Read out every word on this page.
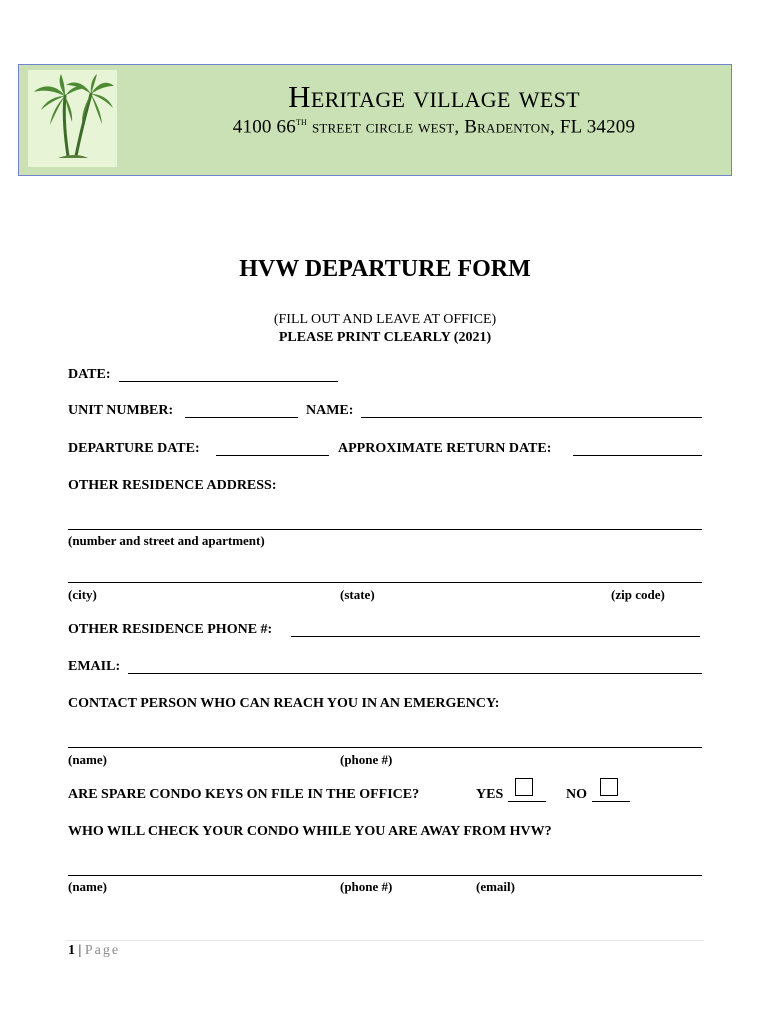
Heritage village west
4100 66th street circle west, Bradenton, FL 34209
HVW DEPARTURE FORM
(FILL OUT AND LEAVE AT OFFICE)
PLEASE PRINT CLEARLY (2021)
DATE:
UNIT NUMBER:	NAME:
DEPARTURE DATE:	APPROXIMATE RETURN DATE:
OTHER RESIDENCE ADDRESS:
(number and street and apartment)
(city)	(state)	(zip code)
OTHER RESIDENCE PHONE #:
EMAIL:
CONTACT PERSON WHO CAN REACH YOU IN AN EMERGENCY:
(name)	(phone #)
ARE SPARE CONDO KEYS ON FILE IN THE OFFICE?	YES	NO
WHO WILL CHECK YOUR CONDO WHILE YOU ARE AWAY FROM HVW?
(name)	(phone #)	(email)
1 | Page
